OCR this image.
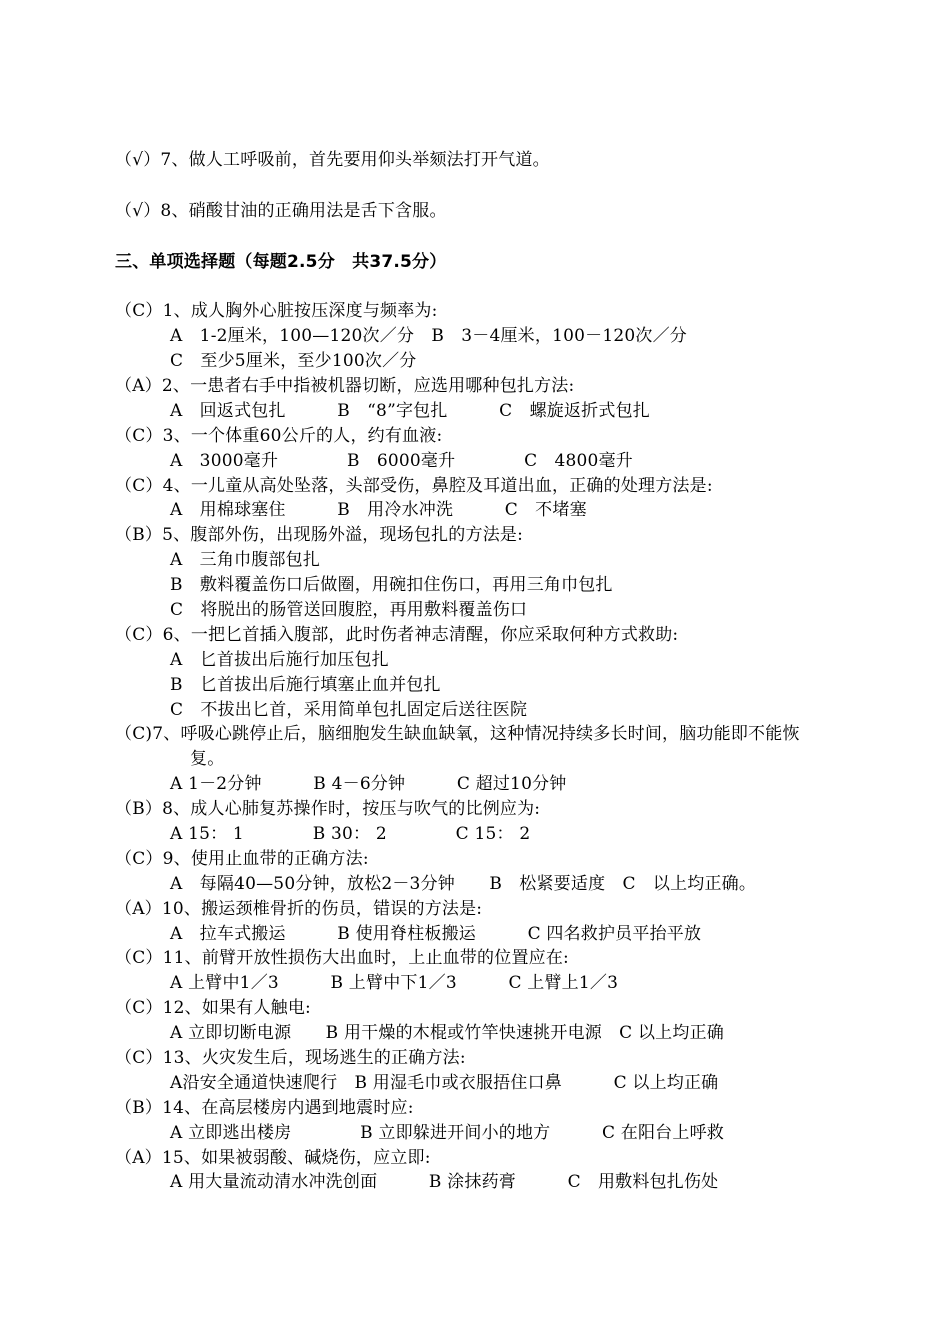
（√）7、做人工呼吸前，首先要用仰头举颏法打开气道。
（√）8、硝酸甘油的正确用法是舌下含服。
三、单项选择题（每题2.5分　共37.5分）
（C）1、成人胸外心脏按压深度与频率为:
A　1-2厘米，100—120次／分　B　3－4厘米，100－120次／分
C　至少5厘米，至少100次／分
（A）2、一患者右手中指被机器切断，应选用哪种包扎方法:
A　回返式包扎　　　B　“8”字包扎　　　C　螺旋返折式包扎
（C）3、一个体重60公斤的人，约有血液:
A　3000毫升　　　　B　6000毫升　　　　C　4800毫升
（C）4、一儿童从高处坠落，头部受伤，鼻腔及耳道出血，正确的处理方法是:
A　用棉球塞住　　　B　用冷水冲洗　　　C　不堵塞
（B）5、腹部外伤，出现肠外溢，现场包扎的方法是:
A　三角巾腹部包扎
B　敷料覆盖伤口后做圈，用碗扣住伤口，再用三角巾包扎
C　将脱出的肠管送回腹腔，再用敷料覆盖伤口
（C）6、一把匕首插入腹部，此时伤者神志清醒，你应采取何种方式救助:
A　匕首拔出后施行加压包扎
B　匕首拔出后施行填塞止血并包扎
C　不拔出匕首，采用简单包扎固定后送往医院
（C)7、呼吸心跳停止后，脑细胞发生缺血缺氧，这种情况持续多长时间，脑功能即不能恢
复。
A 1－2分钟　　　B 4－6分钟　　　C 超过10分钟
（B）8、成人心肺复苏操作时，按压与吹气的比例应为:
A 15： 1　　　　B 30： 2　　　　C 15： 2
（C）9、使用止血带的正确方法:
A　每隔40—50分钟，放松2－3分钟　　B　松紧要适度　C　以上均正确。
（A）10、搬运颈椎骨折的伤员，错误的方法是:
A　拉车式搬运　　　B 使用脊柱板搬运　　　C 四名救护员平抬平放
（C）11、前臂开放性损伤大出血时，上止血带的位置应在:
A 上臂中1／3　　　B 上臂中下1／3　　　C 上臂上1／3
（C）12、如果有人触电:
A 立即切断电源　　B 用干燥的木棍或竹竿快速挑开电源　C 以上均正确
（C）13、火灾发生后，现场逃生的正确方法:
A沿安全通道快速爬行　B 用湿毛巾或衣服捂住口鼻　　　C 以上均正确
（B）14、在高层楼房内遇到地震时应:
A 立即逃出楼房　　　　B 立即躲进开间小的地方　　　C 在阳台上呼救
（A）15、如果被弱酸、碱烧伤，应立即:
A 用大量流动清水冲洗创面　　　B 涂抹药膏　　　C　用敷料包扎伤处
